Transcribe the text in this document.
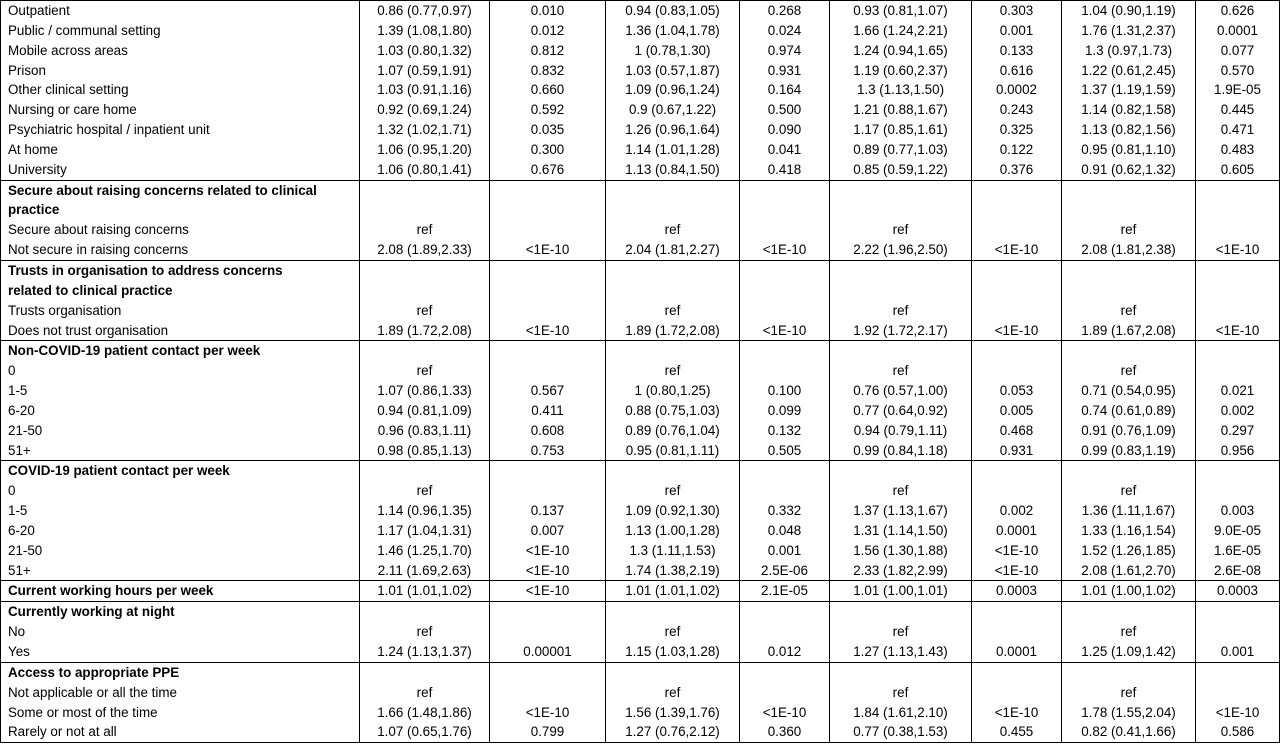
Outpatient	0.86 (0.77,0.97)	0.010	0.94 (0.83,1.05)	0.268	0.93 (0.81,1.07)	0.303	1.04 (0.90,1.19)	0.626
Public / communal setting	1.39 (1.08,1.80)	0.012	1.36 (1.04,1.78)	0.024	1.66 (1.24,2.21)	0.001	1.76 (1.31,2.37)	0.0001
Mobile across areas	1.03 (0.80,1.32)	0.812	1 (0.78,1.30)	0.974	1.24 (0.94,1.65)	0.133	1.3 (0.97,1.73)	0.077
Prison	1.07 (0.59,1.91)	0.832	1.03 (0.57,1.87)	0.931	1.19 (0.60,2.37)	0.616	1.22 (0.61,2.45)	0.570
Other clinical setting	1.03 (0.91,1.16)	0.660	1.09 (0.96,1.24)	0.164	1.3 (1.13,1.50)	0.0002	1.37 (1.19,1.59)	1.9E-05
Nursing or care home	0.92 (0.69,1.24)	0.592	0.9 (0.67,1.22)	0.500	1.21 (0.88,1.67)	0.243	1.14 (0.82,1.58)	0.445
Psychiatric hospital / inpatient unit	1.32 (1.02,1.71)	0.035	1.26 (0.96,1.64)	0.090	1.17 (0.85,1.61)	0.325	1.13 (0.82,1.56)	0.471
At home	1.06 (0.95,1.20)	0.300	1.14 (1.01,1.28)	0.041	0.89 (0.77,1.03)	0.122	0.95 (0.81,1.10)	0.483
University	1.06 (0.80,1.41)	0.676	1.13 (0.84,1.50)	0.418	0.85 (0.59,1.22)	0.376	0.91 (0.62,1.32)	0.605
Secure about raising concerns related to clinical								
practice								
Secure about raising concerns	ref		ref		ref		ref	
Not secure in raising concerns	2.08 (1.89,2.33)	<1E-10	2.04 (1.81,2.27)	<1E-10	2.22 (1.96,2.50)	<1E-10	2.08 (1.81,2.38)	<1E-10
Trusts in organisation to address concerns								
related to clinical practice								
Trusts organisation	ref		ref		ref		ref	
Does not trust organisation	1.89 (1.72,2.08)	<1E-10	1.89 (1.72,2.08)	<1E-10	1.92 (1.72,2.17)	<1E-10	1.89 (1.67,2.08)	<1E-10
Non-COVID-19 patient contact per week								
0	ref		ref		ref		ref	
1-5	1.07 (0.86,1.33)	0.567	1 (0.80,1.25)	0.100	0.76 (0.57,1.00)	0.053	0.71 (0.54,0.95)	0.021
6-20	0.94 (0.81,1.09)	0.411	0.88 (0.75,1.03)	0.099	0.77 (0.64,0.92)	0.005	0.74 (0.61,0.89)	0.002
21-50	0.96 (0.83,1.11)	0.608	0.89 (0.76,1.04)	0.132	0.94 (0.79,1.11)	0.468	0.91 (0.76,1.09)	0.297
51+	0.98 (0.85,1.13)	0.753	0.95 (0.81,1.11)	0.505	0.99 (0.84,1.18)	0.931	0.99 (0.83,1.19)	0.956
COVID-19 patient contact per week								
0	ref		ref		ref		ref	
1-5	1.14 (0.96,1.35)	0.137	1.09 (0.92,1.30)	0.332	1.37 (1.13,1.67)	0.002	1.36 (1.11,1.67)	0.003
6-20	1.17 (1.04,1.31)	0.007	1.13 (1.00,1.28)	0.048	1.31 (1.14,1.50)	0.0001	1.33 (1.16,1.54)	9.0E-05
21-50	1.46 (1.25,1.70)	<1E-10	1.3 (1.11,1.53)	0.001	1.56 (1.30,1.88)	<1E-10	1.52 (1.26,1.85)	1.6E-05
51+	2.11 (1.69,2.63)	<1E-10	1.74 (1.38,2.19)	2.5E-06	2.33 (1.82,2.99)	<1E-10	2.08 (1.61,2.70)	2.6E-08
Current working hours per week	1.01 (1.01,1.02)	<1E-10	1.01 (1.01,1.02)	2.1E-05	1.01 (1.00,1.01)	0.0003	1.01 (1.00,1.02)	0.0003
Currently working at night								
No	ref		ref		ref		ref	
Yes	1.24 (1.13,1.37)	0.00001	1.15 (1.03,1.28)	0.012	1.27 (1.13,1.43)	0.0001	1.25 (1.09,1.42)	0.001
Access to appropriate PPE								
Not applicable or all the time	ref		ref		ref		ref	
Some or most of the time	1.66 (1.48,1.86)	<1E-10	1.56 (1.39,1.76)	<1E-10	1.84 (1.61,2.10)	<1E-10	1.78 (1.55,2.04)	<1E-10
Rarely or not at all	1.07 (0.65,1.76)	0.799	1.27 (0.76,2.12)	0.360	0.77 (0.38,1.53)	0.455	0.82 (0.41,1.66)	0.586
